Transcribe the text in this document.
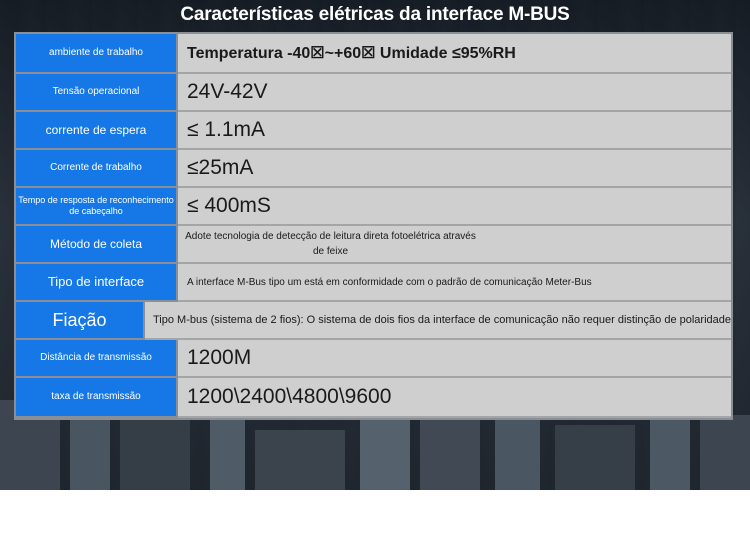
Características elétricas da interface M-BUS
ambiente de trabalho	Temperatura -40☒~+60☒ Umidade ≤95%RH
Tensão operacional	24V-42V
corrente de espera	≤ 1.1mA
Corrente de trabalho	≤25mA
Tempo de resposta de reconhecimento de cabeçalho	≤ 400mS
Método de coleta	Adote tecnologia de detecção de leitura direta fotoelétrica através de feixe
Tipo de interface	A interface M-Bus tipo um está em conformidade com o padrão de comunicação Meter-Bus
Fiação	Tipo M-bus (sistema de 2 fios): O sistema de dois fios da interface de comunicação não requer distinção de polaridade
Distância de transmissão	1200M
taxa de transmissão	1200\2400\4800\9600
